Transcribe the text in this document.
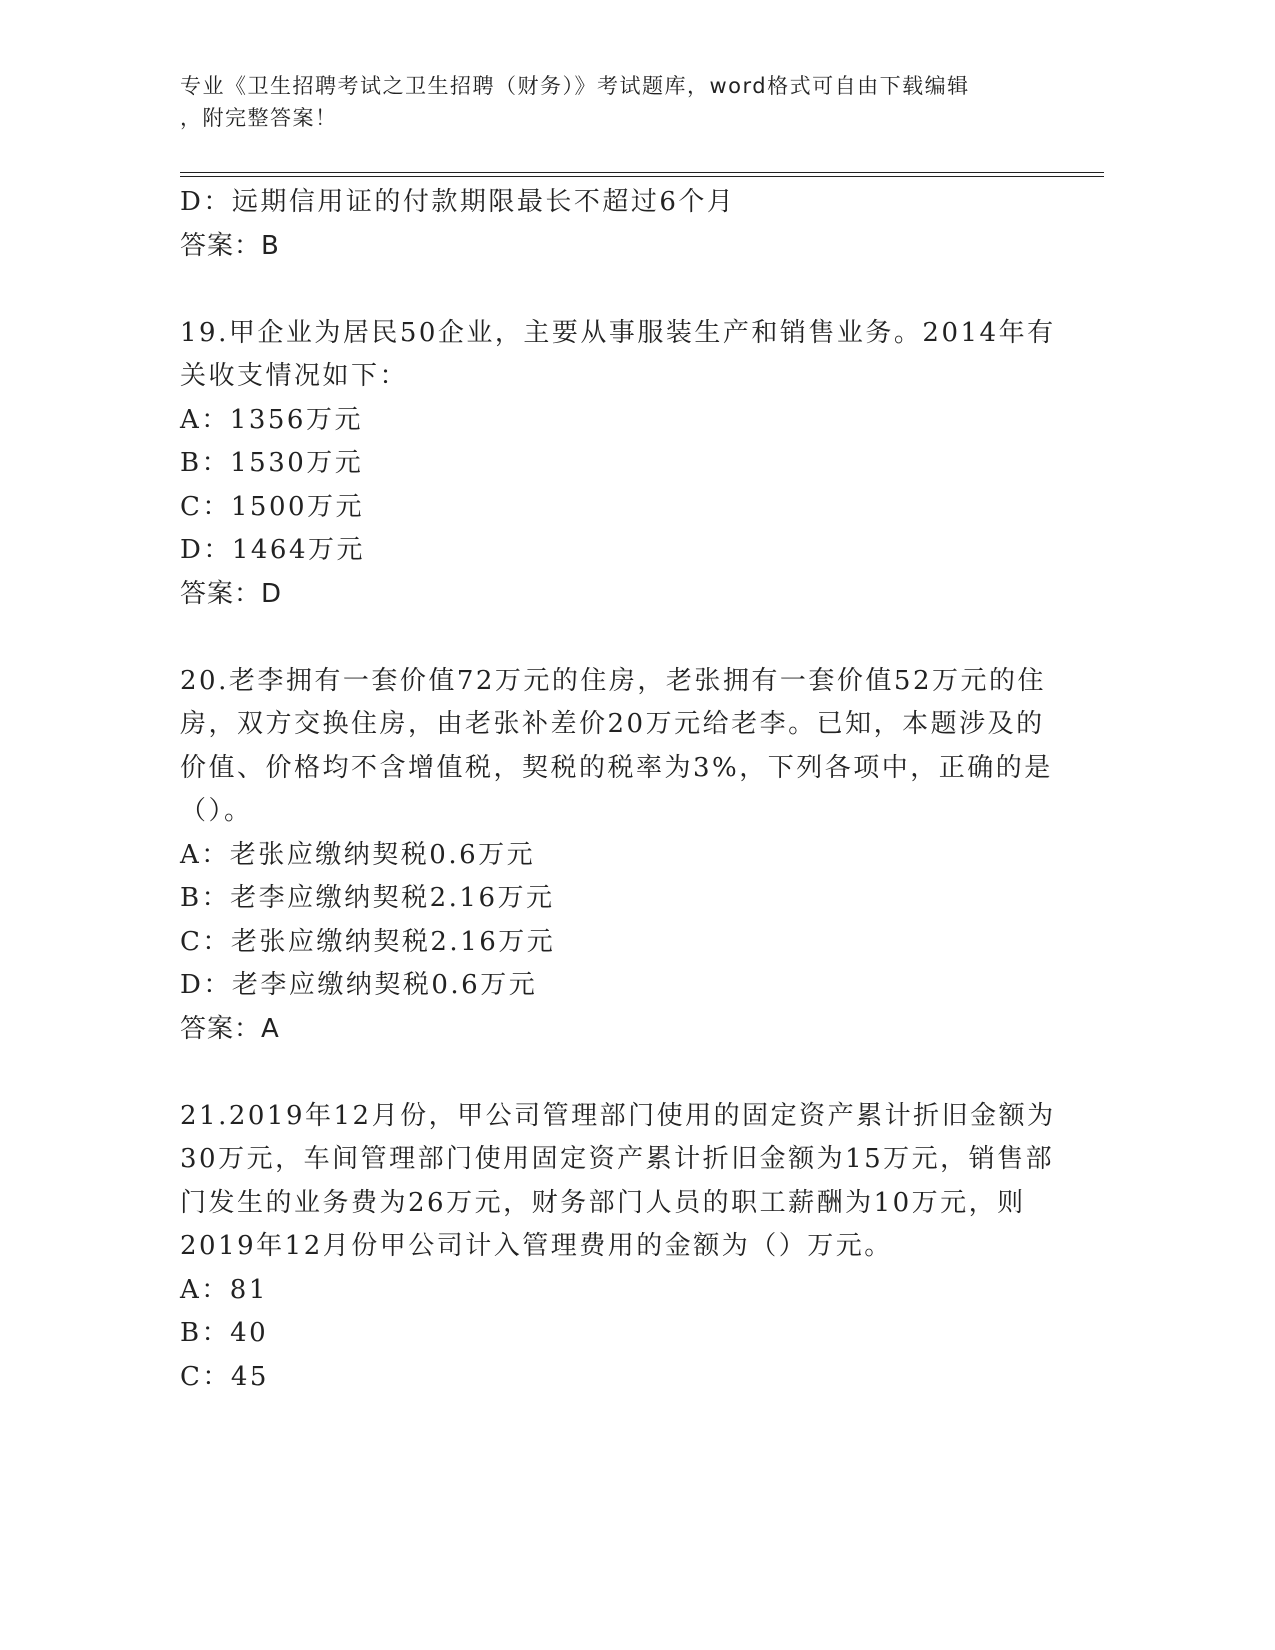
专业《卫生招聘考试之卫生招聘（财务）》考试题库，word格式可自由下载编辑
，附完整答案！
D：远期信用证的付款期限最长不超过6个月
答案：B
19.甲企业为居民50企业，主要从事服装生产和销售业务。2014年有
关收支情况如下：
A：1356万元
B：1530万元
C：1500万元
D：1464万元
答案：D
20.老李拥有一套价值72万元的住房，老张拥有一套价值52万元的住
房，双方交换住房，由老张补差价20万元给老李。已知，本题涉及的
价值、价格均不含增值税，契税的税率为3%，下列各项中，正确的是
（）。
A：老张应缴纳契税0.6万元
B：老李应缴纳契税2.16万元
C：老张应缴纳契税2.16万元
D：老李应缴纳契税0.6万元
答案：A
21.2019年12月份，甲公司管理部门使用的固定资产累计折旧金额为
30万元，车间管理部门使用固定资产累计折旧金额为15万元，销售部
门发生的业务费为26万元，财务部门人员的职工薪酬为10万元，则
2019年12月份甲公司计入管理费用的金额为（）万元。
A：81
B：40
C：45
